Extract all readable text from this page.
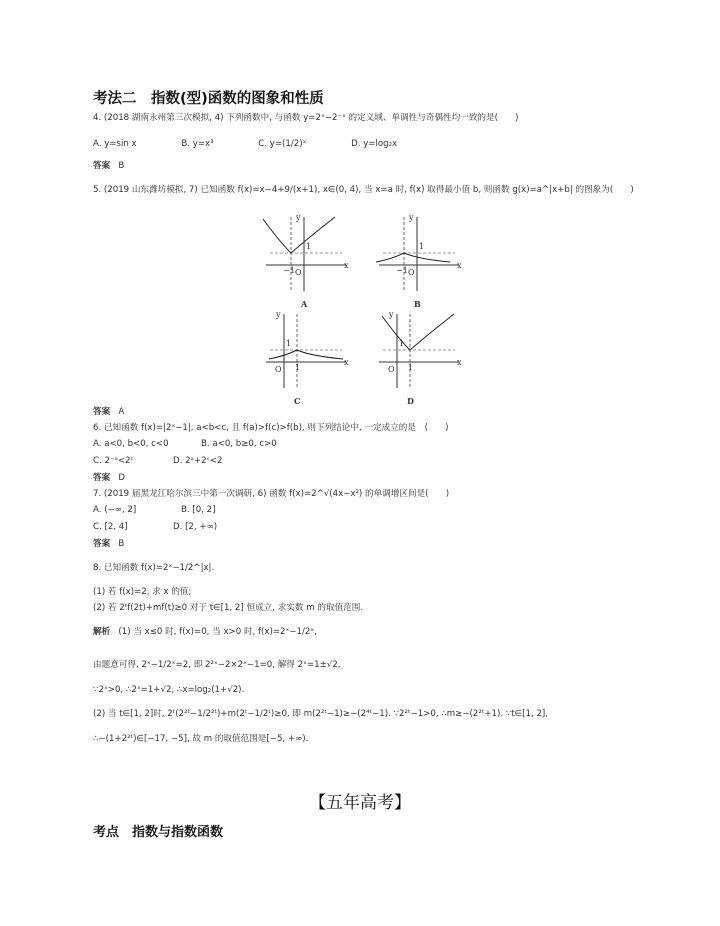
考法二　指数(型)函数的图象和性质
4. (2018 湖南永州第三次模拟, 4) 下列函数中, 与函数 y=2ˣ−2⁻ˣ 的定义域、单调性与奇偶性均一致的是(　　)
A. y=sin x	B. y=x³	C. y=(1/2)ˣ	D. y=log₂x
答案 B
5. (2019 山东潍坊模拟, 7) 已知函数 f(x)=x−4+9/(x+1), x∈(0, 4), 当 x=a 时, f(x) 取得最小值 b, 则函数 g(x)=a^|x+b| 的图象为(　　)
y
x
O
1
−1
A
y
x
O
1
−1
B
y
x
O
1
1
C
y
x
O
1
1
D
答案 A
6. 已知函数 f(x)=|2ˣ−1|, a<b<c, 且 f(a)>f(c)>f(b), 则下列结论中, 一定成立的是　(　　)
A. a<0, b<0, c<0	B. a<0, b≥0, c>0
C. 2⁻ᵃ<2ᶜ	D. 2ᵃ+2ᶜ<2
答案 D
7. (2019 届黑龙江哈尔滨三中第一次调研, 6) 函数 f(x)=2^√(4x−x²) 的单调增区间是(　　)
A. (−∞, 2]	B. [0, 2]
C. [2, 4]	D. [2, +∞)
答案 B
8. 已知函数 f(x)=2ˣ−1/2^|x|.
(1) 若 f(x)=2, 求 x 的值;
(2) 若 2ᵗf(2t)+mf(t)≥0 对于 t∈[1, 2] 恒成立, 求实数 m 的取值范围.
解析 (1) 当 x≤0 时, f(x)=0, 当 x>0 时, f(x)=2ˣ−1/2ˣ,
由题意可得, 2ˣ−1/2ˣ=2, 即 2²ˣ−2×2ˣ−1=0, 解得 2ˣ=1±√2,
∵2ˣ>0, ∴2ˣ=1+√2, ∴x=log₂(1+√2).
(2) 当 t∈[1, 2]时, 2ᵗ(2²ᵗ−1/2²ᵗ)+m(2ᵗ−1/2ᵗ)≥0, 即 m(2²ᵗ−1)≥−(2⁴ᵗ−1). ∵2²ᵗ−1>0, ∴m≥−(2²ᵗ+1). ∵t∈[1, 2],
∴−(1+2²ᵗ)∈[−17, −5], 故 m 的取值范围是[−5, +∞).
【五年高考】
考点　指数与指数函数
